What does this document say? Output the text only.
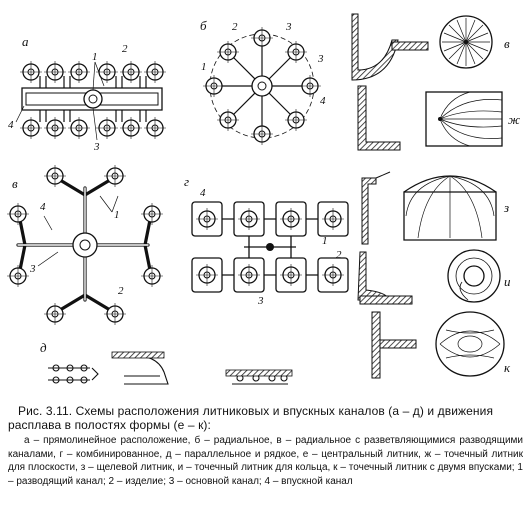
а	2
1
4
3
б 2	3
1
3
4
в
4
1
3
2
г
4
1
2
3
д
в
ж
з
и
к

Рис. 3.11. Схемы расположения литниковых и впускных каналов (а – д) и движения расплава в полостях формы (е – к):

а – прямолинейное расположение, б – радиальное, в – радиальное с разветвляющимися разводящими каналами, г – комбинированное, д – параллельное и рядкое, е – центральный литник, ж – точечный литник для плоскости, з – щелевой литник, и – точечный литник для кольца, к – точечный литник с двумя впусками; 1 – разводящий канал; 2 – изделие; 3 – основной канал; 4 – впускной канал
